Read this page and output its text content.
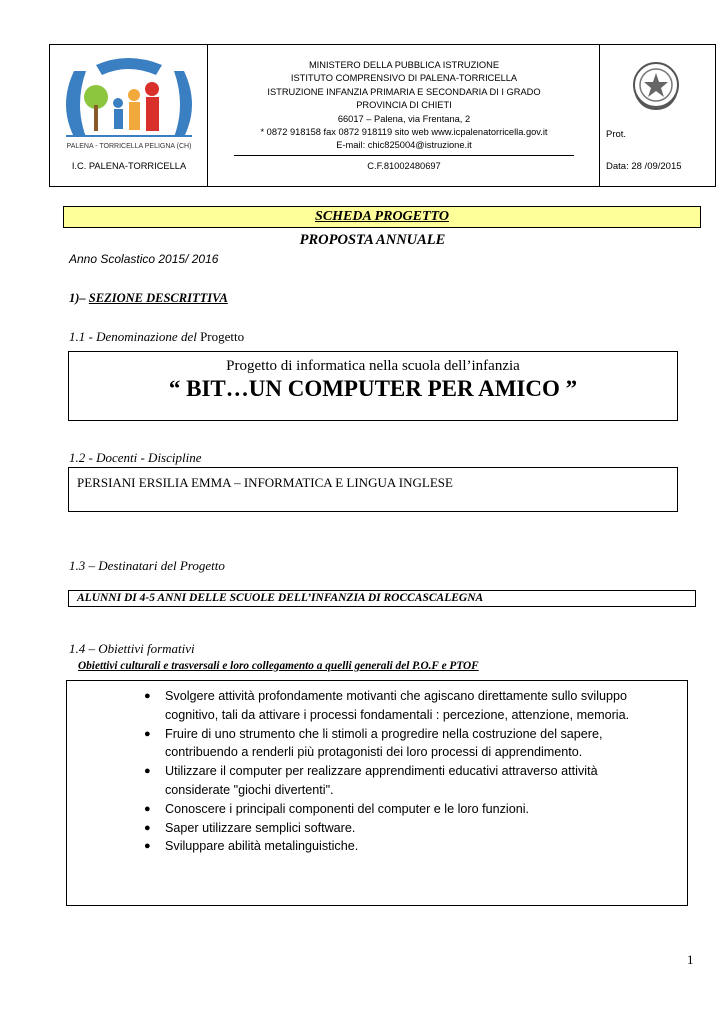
PALENA - TORRICELLA PELIGNA (CH)
I.C. PALENA-TORRICELLA
MINISTERO DELLA PUBBLICA ISTRUZIONE
ISTITUTO COMPRENSIVO DI PALENA-TORRICELLA
ISTRUZIONE INFANZIA PRIMARIA E SECONDARIA DI I GRADO
PROVINCIA DI CHIETI
66017 – Palena, via Frentana, 2
* 0872 918158 fax 0872 918119 sito web www.icpalenatorricella.gov.it
E-mail: chic825004@istruzione.it
C.F.81002480697
Prot.
Data: 28 /09/2015
SCHEDA PROGETTO
PROPOSTA ANNUALE
Anno Scolastico 2015/ 2016
1)– SEZIONE DESCRITTIVA
1.1 - Denominazione del Progetto
Progetto di informatica nella scuola dell’infanzia
“ BIT…UN COMPUTER PER AMICO ”
1.2 - Docenti - Discipline
PERSIANI ERSILIA EMMA – INFORMATICA E LINGUA INGLESE
1.3 – Destinatari del Progetto
ALUNNI DI 4-5 ANNI DELLE SCUOLE DELL’INFANZIA DI ROCCASCALEGNA
1.4 – Obiettivi formativi
Obiettivi culturali e trasversali e loro collegamento a quelli generali del P.O.F e PTOF
● Svolgere attività profondamente motivanti che agiscano direttamente sullo sviluppo cognitivo, tali da attivare i processi fondamentali : percezione, attenzione, memoria.
● Fruire di uno strumento che li stimoli a progredire nella costruzione del sapere, contribuendo a renderli più protagonisti dei loro processi di apprendimento.
● Utilizzare il computer per realizzare apprendimenti educativi attraverso attività considerate "giochi divertenti".
● Conoscere i principali componenti del computer e le loro funzioni.
● Saper utilizzare semplici software.
● Sviluppare abilità metalinguistiche.
1
